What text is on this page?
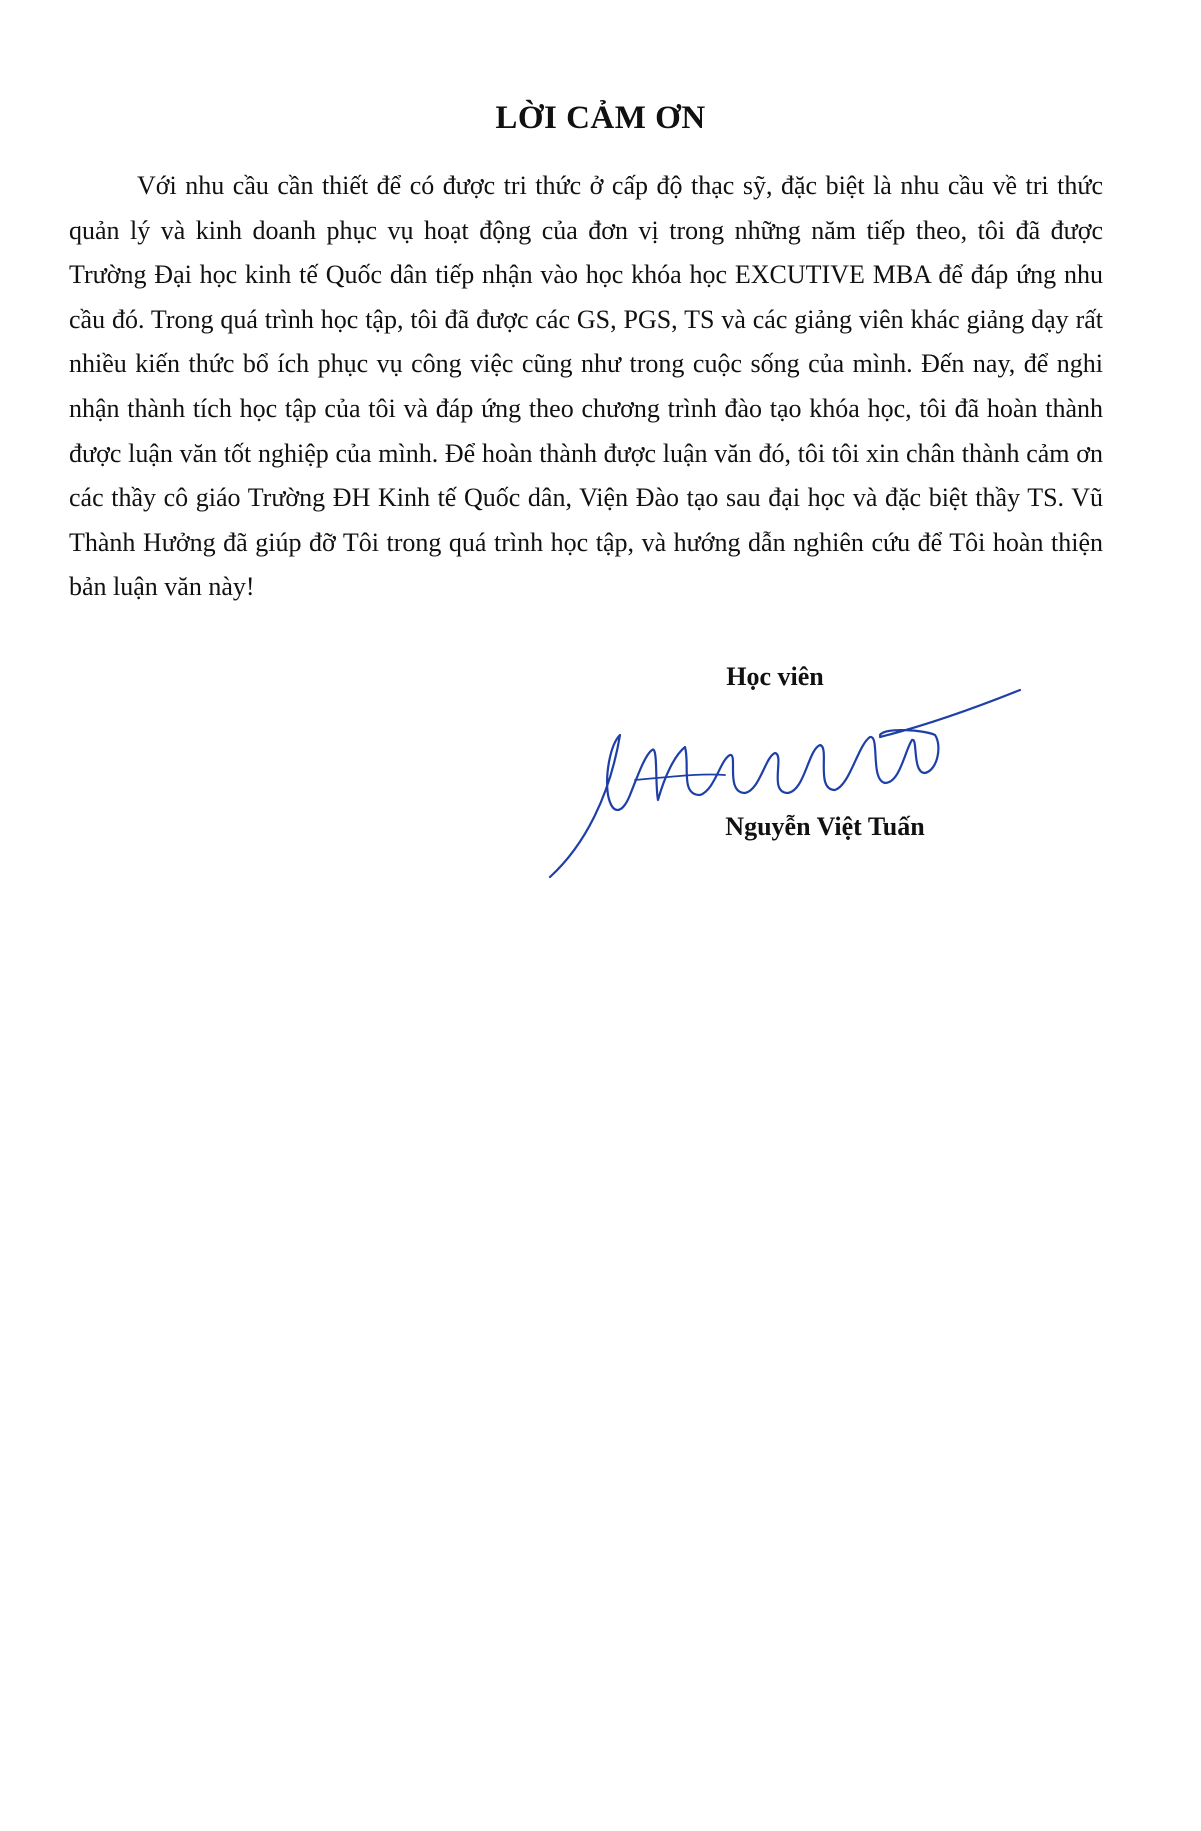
LỜI CẢM ƠN

Với nhu cầu cần thiết để có được tri thức ở cấp độ thạc sỹ, đặc biệt là nhu cầu về tri thức quản lý và kinh doanh phục vụ hoạt động của đơn vị trong những năm tiếp theo, tôi đã được Trường Đại học kinh tế Quốc dân tiếp nhận vào học khóa học EXCUTIVE MBA để đáp ứng nhu cầu đó. Trong quá trình học tập, tôi đã được các GS, PGS, TS và các giảng viên khác giảng dạy rất nhiều kiến thức bổ ích phục vụ công việc cũng như trong cuộc sống của mình. Đến nay, để nghi nhận thành tích học tập của tôi và đáp ứng theo chương trình đào tạo khóa học, tôi đã hoàn thành được luận văn tốt nghiệp của mình. Để hoàn thành được luận văn đó, tôi tôi xin chân thành cảm ơn các thầy cô giáo Trường ĐH Kinh tế Quốc dân, Viện Đào tạo sau đại học và đặc biệt thầy TS. Vũ Thành Hưởng đã giúp đỡ Tôi trong quá trình học tập, và hướng dẫn nghiên cứu để Tôi hoàn thiện bản luận văn này!

Học viên
Nguyễn Việt Tuấn
